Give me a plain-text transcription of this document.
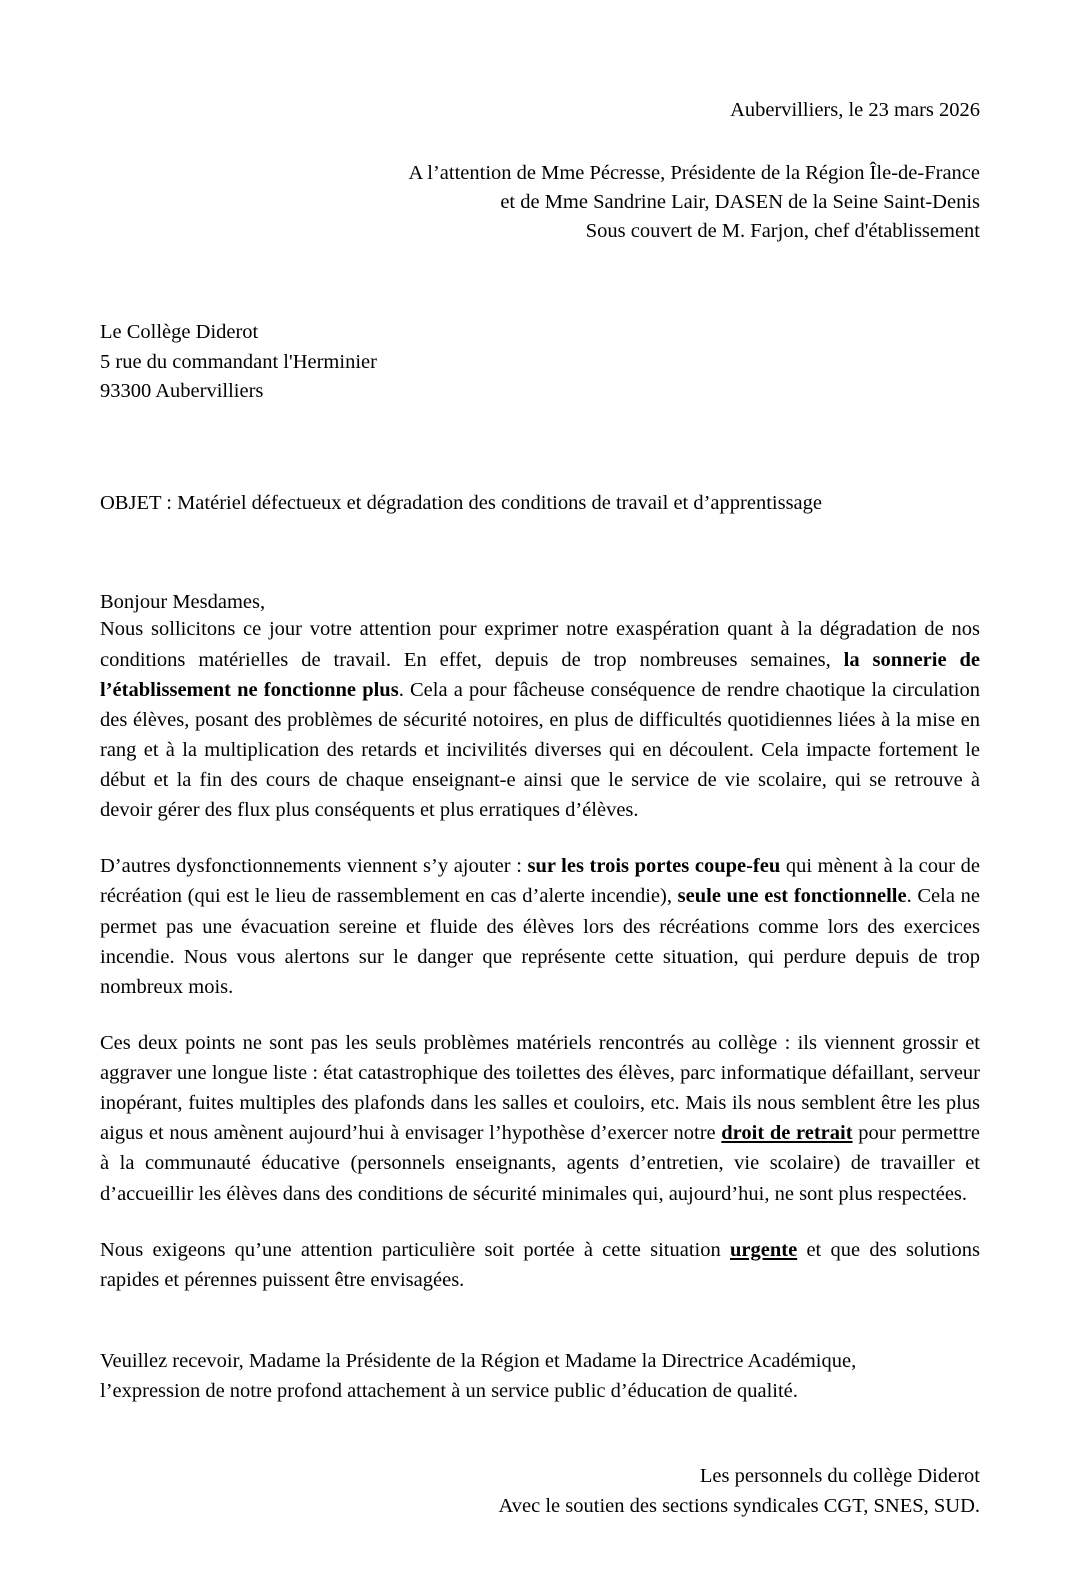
Aubervilliers, le 23 mars 2026
A l’attention de Mme Pécresse, Présidente de la Région Île-de-France
et de Mme Sandrine Lair, DASEN de la Seine Saint-Denis
Sous couvert de M. Farjon, chef d'établissement
Le Collège Diderot
5 rue du commandant l'Herminier
93300 Aubervilliers
OBJET : Matériel défectueux et dégradation des conditions de travail et d’apprentissage
Bonjour Mesdames,

Nous sollicitons ce jour votre attention pour exprimer notre exaspération quant à la dégradation de nos conditions matérielles de travail. En effet, depuis de trop nombreuses semaines, la sonnerie de l’établissement ne fonctionne plus. Cela a pour fâcheuse conséquence de rendre chaotique la circulation des élèves, posant des problèmes de sécurité notoires, en plus de difficultés quotidiennes liées à la mise en rang et à la multiplication des retards et incivilités diverses qui en découlent. Cela impacte fortement le début et la fin des cours de chaque enseignant-e ainsi que le service de vie scolaire, qui se retrouve à devoir gérer des flux plus conséquents et plus erratiques d’élèves.

D’autres dysfonctionnements viennent s’y ajouter : sur les trois portes coupe-feu qui mènent à la cour de récréation (qui est le lieu de rassemblement en cas d’alerte incendie), seule une est fonctionnelle. Cela ne permet pas une évacuation sereine et fluide des élèves lors des récréations comme lors des exercices incendie. Nous vous alertons sur le danger que représente cette situation, qui perdure depuis de trop nombreux mois.

Ces deux points ne sont pas les seuls problèmes matériels rencontrés au collège : ils viennent grossir et aggraver une longue liste : état catastrophique des toilettes des élèves, parc informatique défaillant, serveur inopérant, fuites multiples des plafonds dans les salles et couloirs, etc. Mais ils nous semblent être les plus aigus et nous amènent aujourd’hui à envisager l’hypothèse d’exercer notre droit de retrait pour permettre à la communauté éducative (personnels enseignants, agents d’entretien, vie scolaire) de travailler et d’accueillir les élèves dans des conditions de sécurité minimales qui, aujourd’hui, ne sont plus respectées.

Nous exigeons qu’une attention particulière soit portée à cette situation urgente et que des solutions rapides et pérennes puissent être envisagées.

Veuillez recevoir, Madame la Présidente de la Région et Madame la Directrice Académique,
l’expression de notre profond attachement à un service public d’éducation de qualité.
Les personnels du collège Diderot
Avec le soutien des sections syndicales CGT, SNES, SUD.
